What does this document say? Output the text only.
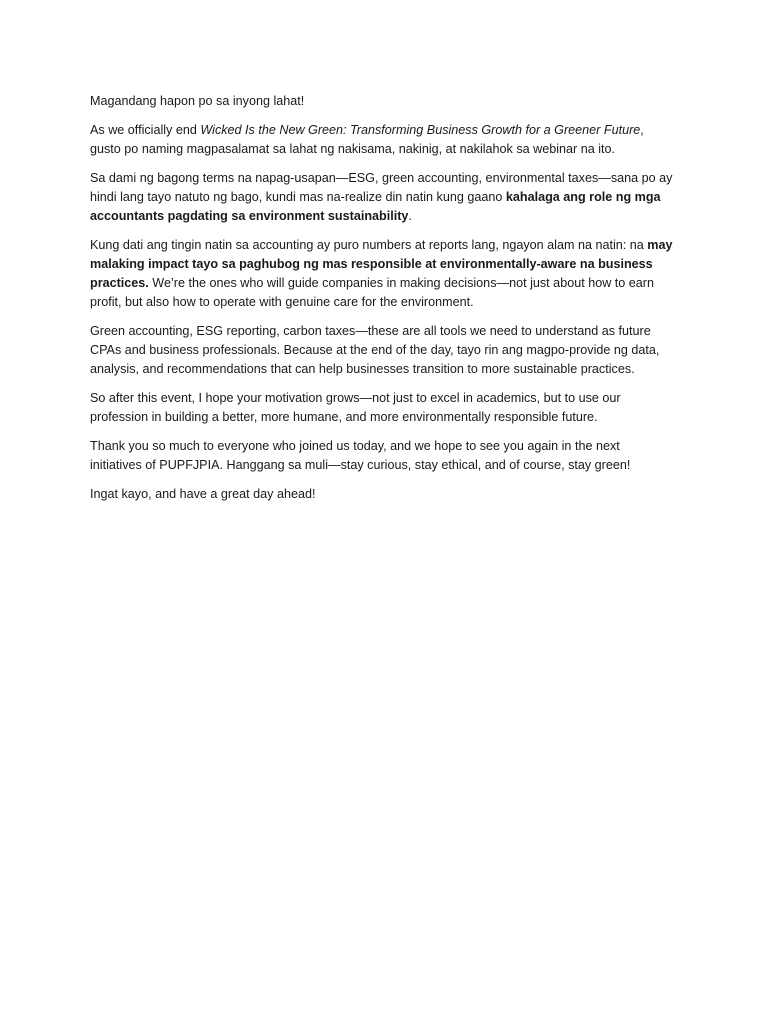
Magandang hapon po sa inyong lahat!

As we officially end Wicked Is the New Green: Transforming Business Growth for a Greener Future, gusto po naming magpasalamat sa lahat ng nakisama, nakinig, at nakilahok sa webinar na ito.

Sa dami ng bagong terms na napag-usapan—ESG, green accounting, environmental taxes—sana po ay hindi lang tayo natuto ng bago, kundi mas na-realize din natin kung gaano kahalaga ang role ng mga accountants pagdating sa environment sustainability.

Kung dati ang tingin natin sa accounting ay puro numbers at reports lang, ngayon alam na natin: na may malaking impact tayo sa paghubog ng mas responsible at environmentally-aware na business practices. We’re the ones who will guide companies in making decisions—not just about how to earn profit, but also how to operate with genuine care for the environment.

Green accounting, ESG reporting, carbon taxes—these are all tools we need to understand as future CPAs and business professionals. Because at the end of the day, tayo rin ang magpo-provide ng data, analysis, and recommendations that can help businesses transition to more sustainable practices.

So after this event, I hope your motivation grows—not just to excel in academics, but to use our profession in building a better, more humane, and more environmentally responsible future.

Thank you so much to everyone who joined us today, and we hope to see you again in the next initiatives of PUPFJPIA. Hanggang sa muli—stay curious, stay ethical, and of course, stay green!

Ingat kayo, and have a great day ahead!
